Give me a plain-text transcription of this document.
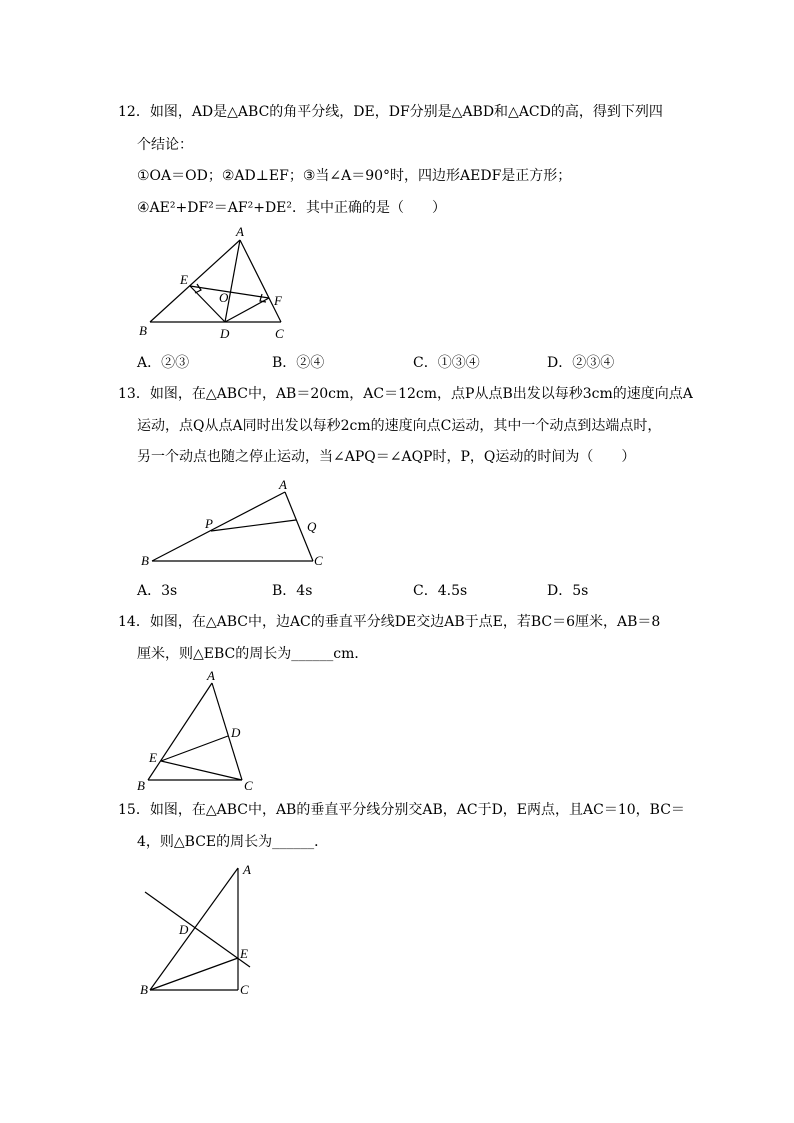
12．如图，AD是△ABC的角平分线，DE，DF分别是△ABD和△ACD的高，得到下列四
个结论：
①OA＝OD；②AD⊥EF；③当∠A＝90°时，四边形AEDF是正方形；
④AE²+DF²＝AF²+DE²．其中正确的是（　　）
A
E
O	F
B	D	C
A．②③	B．②④	C．①③④	D．②③④
13．如图，在△ABC中，AB＝20cm，AC＝12cm，点P从点B出发以每秒3cm的速度向点A
运动，点Q从点A同时出发以每秒2cm的速度向点C运动，其中一个动点到达端点时，
另一个动点也随之停止运动，当∠APQ＝∠AQP时，P，Q运动的时间为（　　）
A
P	Q
B	C
A．3s	B．4s	C．4.5s	D．5s
14．如图，在△ABC中，边AC的垂直平分线DE交边AB于点E，若BC＝6厘米，AB＝8
厘米，则△EBC的周长为______cm．
A
D
E
B	C
15．如图，在△ABC中，AB的垂直平分线分别交AB，AC于D，E两点，且AC＝10，BC＝
4，则△BCE的周长为______．
A
D
E
B	C
